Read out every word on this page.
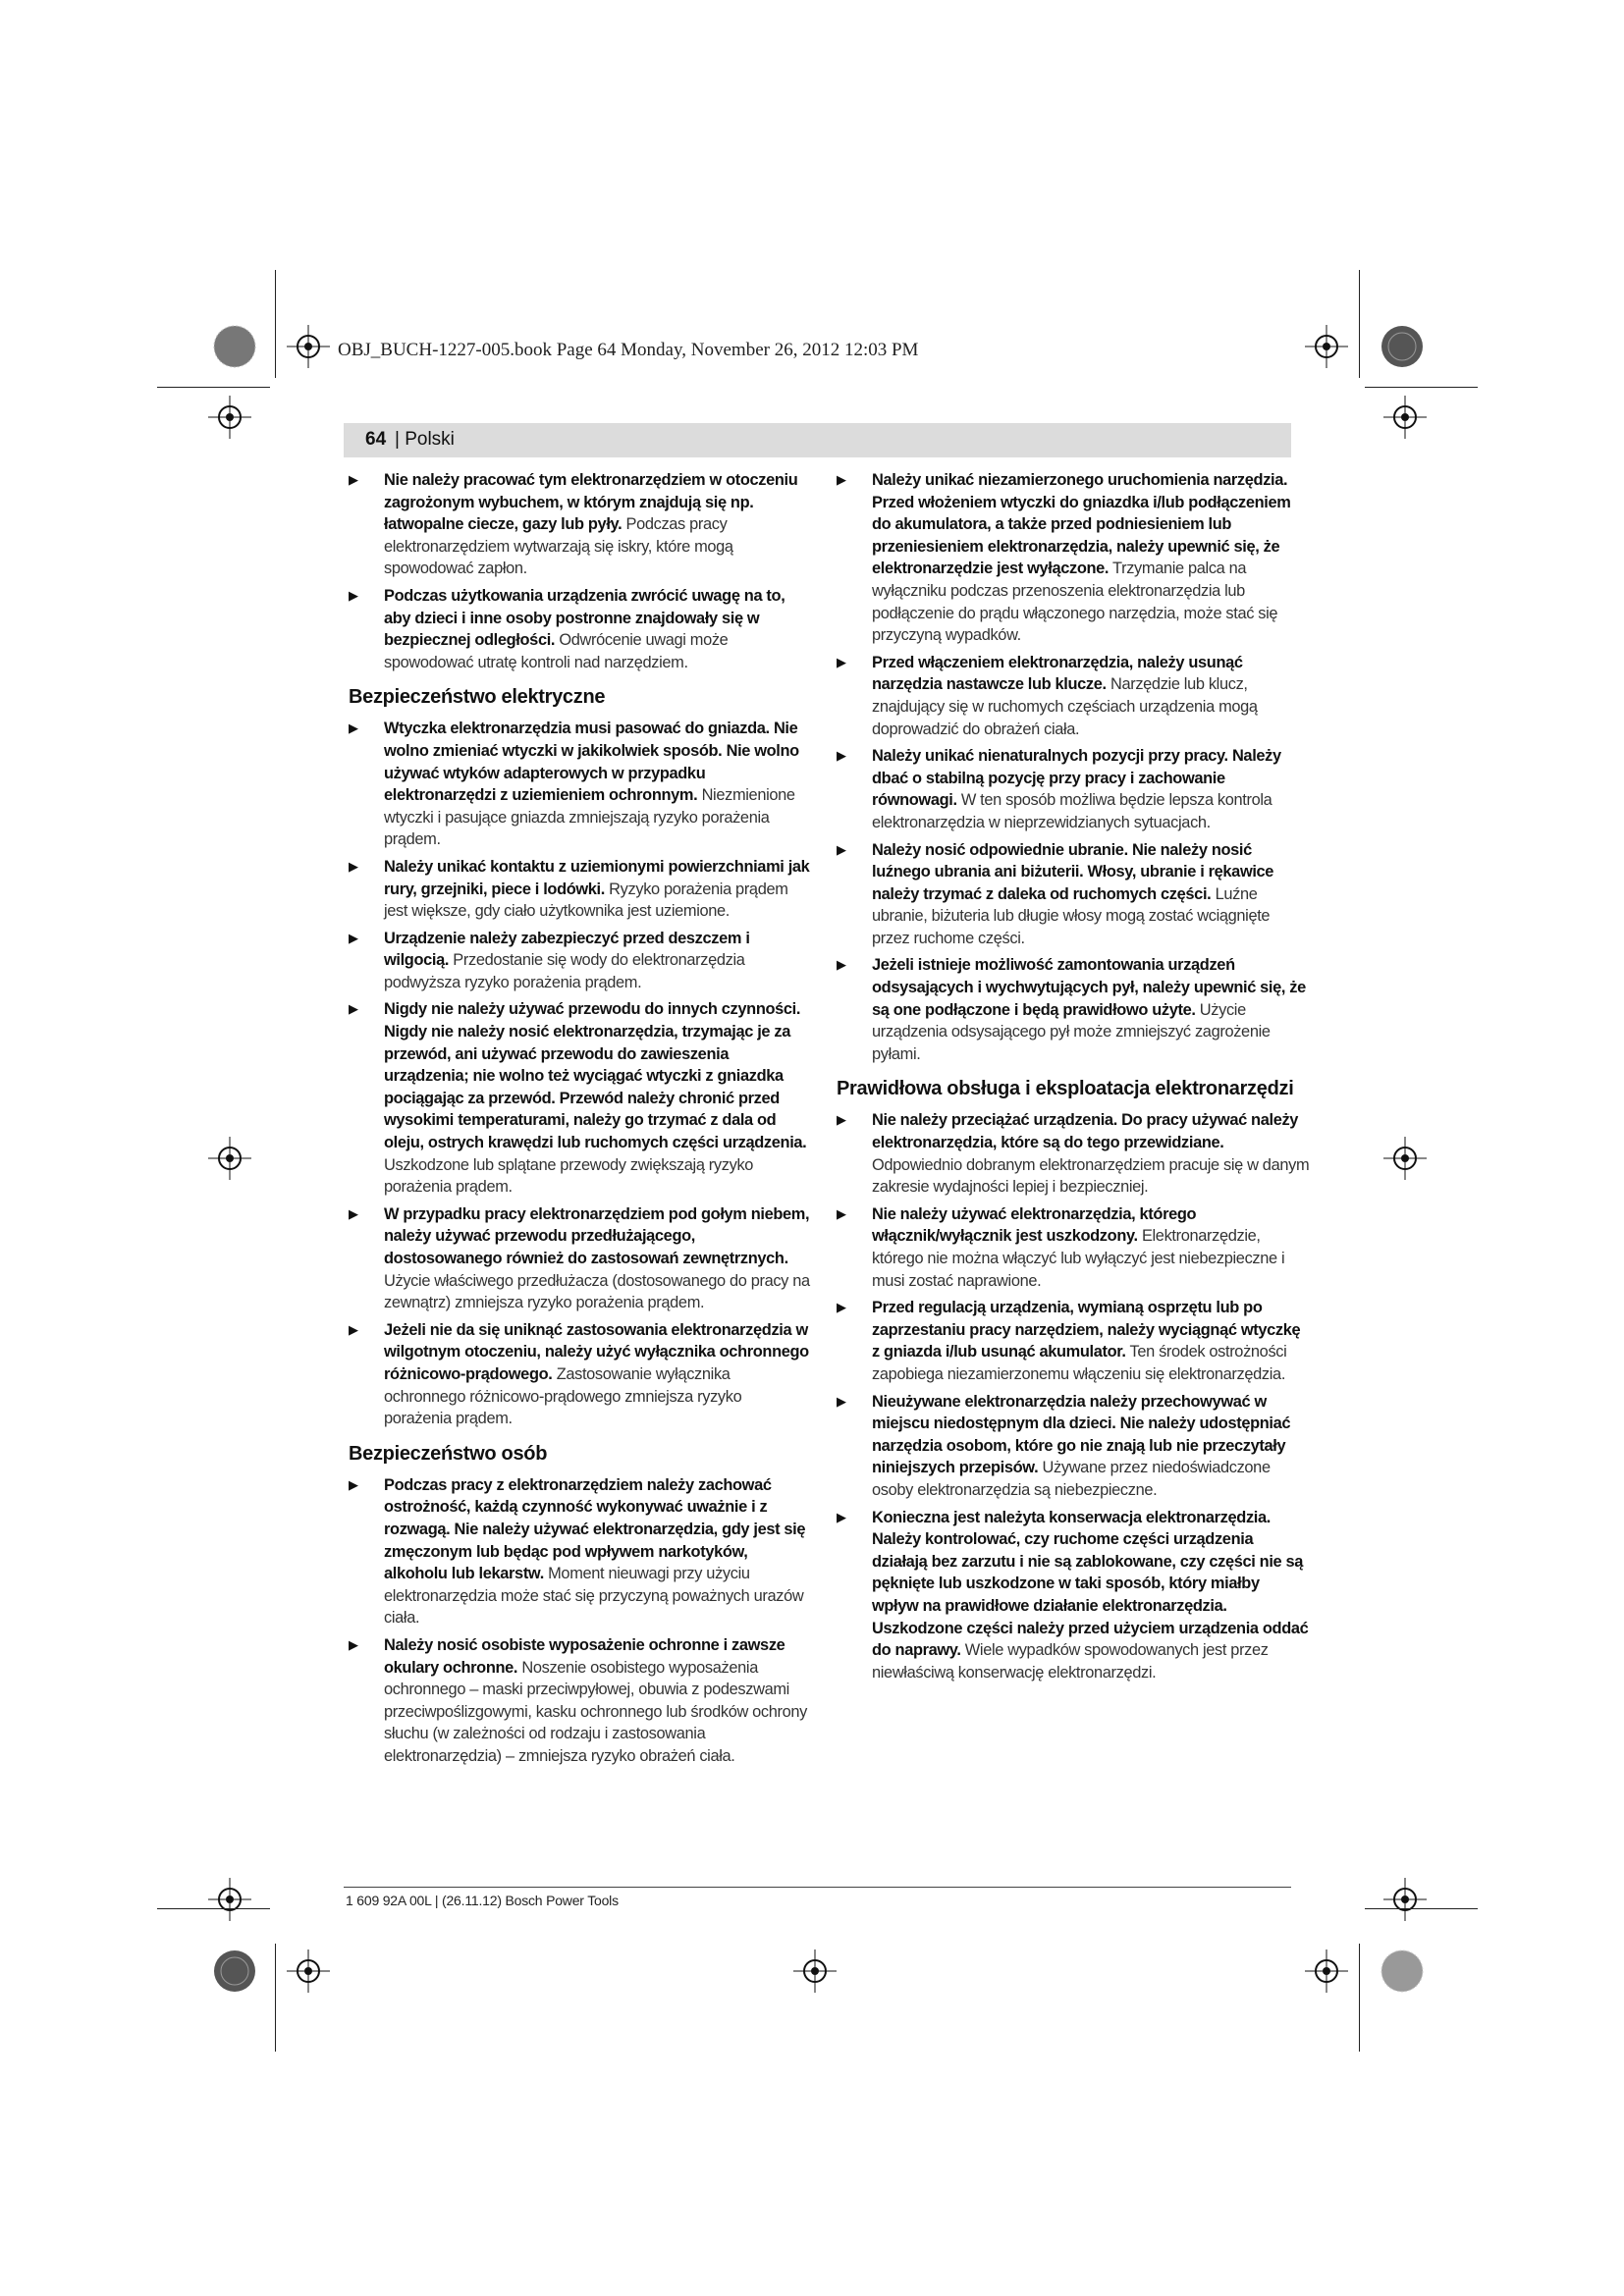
OBJ_BUCH-1227-005.book Page 64 Monday, November 26, 2012 12:03 PM
64 | Polski
▶ Nie należy pracować tym elektronarzędziem w otoczeniu zagrożonym wybuchem, w którym znajdują się np. łatwopalne ciecze, gazy lub pyły. Podczas pracy elektronarzędziem wytwarzają się iskry, które mogą spowodować zapłon.
▶ Podczas użytkowania urządzenia zwrócić uwagę na to, aby dzieci i inne osoby postronne znajdowały się w bezpiecznej odległości. Odwrócenie uwagi może spowodować utratę kontroli nad narzędziem.
Bezpieczeństwo elektryczne
▶ Wtyczka elektronarzędzia musi pasować do gniazda. Nie wolno zmieniać wtyczki w jakikolwiek sposób. Nie wolno używać wtyków adapterowych w przypadku elektronarzędzi z uziemieniem ochronnym. Niezmienione wtyczki i pasujące gniazda zmniejszają ryzyko porażenia prądem.
▶ Należy unikać kontaktu z uziemionymi powierzchniami jak rury, grzejniki, piece i lodówki. Ryzyko porażenia prądem jest większe, gdy ciało użytkownika jest uziemione.
▶ Urządzenie należy zabezpieczyć przed deszczem i wilgocią. Przedostanie się wody do elektronarzędzia podwyższa ryzyko porażenia prądem.
▶ Nigdy nie należy używać przewodu do innych czynności. Nigdy nie należy nosić elektronarzędzia, trzymając je za przewód, ani używać przewodu do zawieszenia urządzenia; nie wolno też wyciągać wtyczki z gniazdka pociągając za przewód. Przewód należy chronić przed wysokimi temperaturami, należy go trzymać z dala od oleju, ostrych krawędzi lub ruchomych części urządzenia. Uszkodzone lub splątane przewody zwiększają ryzyko porażenia prądem.
▶ W przypadku pracy elektronarzędziem pod gołym niebem, należy używać przewodu przedłużającego, dostosowanego również do zastosowań zewnętrznych. Użycie właściwego przedłużacza (dostosowanego do pracy na zewnątrz) zmniejsza ryzyko porażenia prądem.
▶ Jeżeli nie da się uniknąć zastosowania elektronarzędzia w wilgotnym otoczeniu, należy użyć wyłącznika ochronnego różnicowo-prądowego. Zastosowanie wyłącznika ochronnego różnicowo-prądowego zmniejsza ryzyko porażenia prądem.
Bezpieczeństwo osób
▶ Podczas pracy z elektronarzędziem należy zachować ostrożność, każdą czynność wykonywać uważnie i z rozwagą. Nie należy używać elektronarzędzia, gdy jest się zmęczonym lub będąc pod wpływem narkotyków, alkoholu lub lekarstw. Moment nieuwagi przy użyciu elektronarzędzia może stać się przyczyną poważnych urazów ciała.
▶ Należy nosić osobiste wyposażenie ochronne i zawsze okulary ochronne. Noszenie osobistego wyposażenia ochronnego – maski przeciwpyłowej, obuwia z podeszwami przeciwpoślizgowymi, kasku ochronnego lub środków ochrony słuchu (w zależności od rodzaju i zastosowania elektronarzędzia) – zmniejsza ryzyko obrażeń ciała.
▶ Należy unikać niezamierzonego uruchomienia narzędzia. Przed włożeniem wtyczki do gniazdka i/lub podłączeniem do akumulatora, a także przed podniesieniem lub przeniesieniem elektronarzędzia, należy upewnić się, że elektronarzędzie jest wyłączone. Trzymanie palca na wyłączniku podczas przenoszenia elektronarzędzia lub podłączenie do prądu włączonego narzędzia, może stać się przyczyną wypadków.
▶ Przed włączeniem elektronarzędzia, należy usunąć narzędzia nastawcze lub klucze. Narzędzie lub klucz, znajdujący się w ruchomych częściach urządzenia mogą doprowadzić do obrażeń ciała.
▶ Należy unikać nienaturalnych pozycji przy pracy. Należy dbać o stabilną pozycję przy pracy i zachowanie równowagi. W ten sposób możliwa będzie lepsza kontrola elektronarzędzia w nieprzewidzianych sytuacjach.
▶ Należy nosić odpowiednie ubranie. Nie należy nosić luźnego ubrania ani biżuterii. Włosy, ubranie i rękawice należy trzymać z daleka od ruchomych części. Luźne ubranie, biżuteria lub długie włosy mogą zostać wciągnięte przez ruchome części.
▶ Jeżeli istnieje możliwość zamontowania urządzeń odsysających i wychwytujących pył, należy upewnić się, że są one podłączone i będą prawidłowo użyte. Użycie urządzenia odsysającego pył może zmniejszyć zagrożenie pyłami.
Prawidłowa obsługa i eksploatacja elektronarzędzi
▶ Nie należy przeciążać urządzenia. Do pracy używać należy elektronarzędzia, które są do tego przewidziane. Odpowiednio dobranym elektronarzędziem pracuje się w danym zakresie wydajności lepiej i bezpieczniej.
▶ Nie należy używać elektronarzędzia, którego włącznik/wyłącznik jest uszkodzony. Elektronarzędzie, którego nie można włączyć lub wyłączyć jest niebezpieczne i musi zostać naprawione.
▶ Przed regulacją urządzenia, wymianą osprzętu lub po zaprzestaniu pracy narzędziem, należy wyciągnąć wtyczkę z gniazda i/lub usunąć akumulator. Ten środek ostrożności zapobiega niezamierzonemu włączeniu się elektronarzędzia.
▶ Nieużywane elektronarzędzia należy przechowywać w miejscu niedostępnym dla dzieci. Nie należy udostępniać narzędzia osobom, które go nie znają lub nie przeczytały niniejszych przepisów. Używane przez niedoświadczone osoby elektronarzędzia są niebezpieczne.
▶ Konieczna jest należyta konserwacja elektronarzędzia. Należy kontrolować, czy ruchome części urządzenia działają bez zarzutu i nie są zablokowane, czy części nie są pęknięte lub uszkodzone w taki sposób, który miałby wpływ na prawidłowe działanie elektronarzędzia. Uszkodzone części należy przed użyciem urządzenia oddać do naprawy. Wiele wypadków spowodowanych jest przez niewłaściwą konserwację elektronarzędzi.
1 609 92A 00L | (26.11.12) Bosch Power Tools
